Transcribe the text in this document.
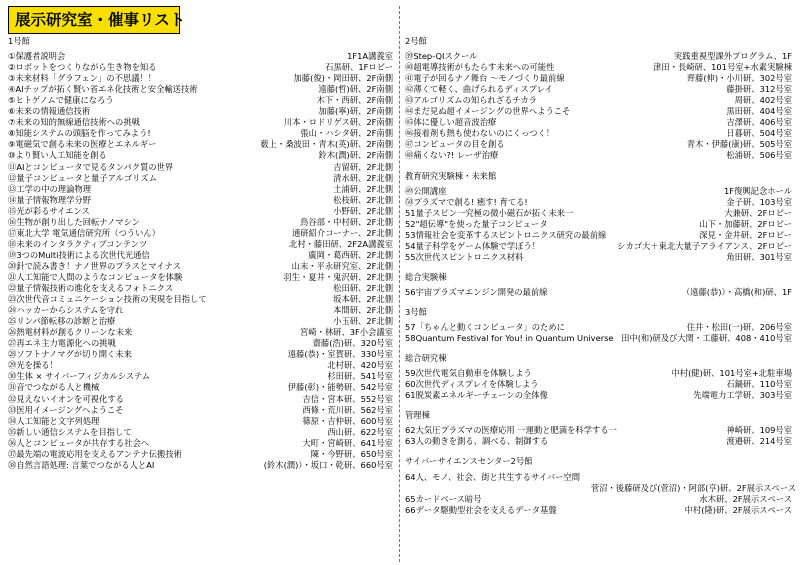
展示研究室・催事リスト
1号館
① 保護者説明会	1F1A講義室
② ロボットをつくりながら生き物を知る	石黒研、1Fロビー
③ 未来材料「グラフェン」の不思議！！	加藤(俊)・岡田研、2F南側
④ AIチップが拓く賢い省エネ化技術と安全輸送技術	遠藤(哲)研、2F南側
⑤ ヒトゲノムで健康になろう	木下・西研、2F南側
⑥ 未来の情報通信技術	加藤(寧)研、2F南側
⑦ 未来の知的無線通信技術への挑戦	川本・ロドリゲス研、2F南側
⑧ 知能システムの頭脳を作ってみよう!	張山・ハシタ研、2F南側
⑨ 電磁気で創る未来の医療とエネルギー	薮上・桑波田・青木(英)研、2F南側
⑩ より賢い人工知能を創る	鈴木(潤)研、2F南側
⑪ AIとコンピュータで見るタンパク質の世界	吉留研、2F北側
⑫ 量子コンピュータと量子アルゴリズム	清水研、2F北側
⑬ 工学の中の理論物理	土浦研、2F北側
⑭ 量子情報物理学分野	松枝研、2F北側
⑮ 光が彩るサイエンス	小野研、2F北側
⑯ 生物が創り出した回転ナノマシン	鳥谷部・中村研、2F北側
⑰ 東北大学 電気通信研究所（つういん）	通研紹介コーナー、2F北側
⑱ 未来のインタラクティブコンテンツ	北村・藤田研、2F2A講義室
⑲ 3つのMulti技術による次世代光通信	廣岡・葛西研、2F北側
⑳ 針で読み書き！ナノ世界のプラスとマイナス	山末・平永研究室、2F北側
㉑ 人工知能で人間のようなコンピュータを体験	羽生・夏井・鬼沢研、2F北側
㉒ 量子情報技術の進化を支えるフォトニクス	松田研、2F北側
㉓ 次世代音コミュニケーション技術の実現を目指して	坂本研、2F北側
㉔ ハッカーからシステムを守れ	本間研、2F北側
㉕ リンパ節転移の診断と治療	小玉研、2F北側
㉖ 熱電材料が創るクリーンな未来	宮崎・林研、3F小会議室
㉗ 再エネ主力電源化への挑戦	齋藤(浩)研、320号室
㉘ ソフトナノマグが切り開く未来	遠藤(恭)・室賀研、330号室
㉙ 光を操る！	北村研、420号室
㉚ 生体 × サイバーフィジカルシステム	杉田研、541号室
㉛ 音でつながる人と機械	伊藤(彰)・能勢研、542号室
㉜ 見えないイオンを可視化する	吉信・宮本研、552号室
㉝ 医用イメージングへようこそ	西條・荒川研、562号室
㉞ 人工知能と文字列処理	篠原・吉仲研、600号室
㉟ 新しい通信システムを目指して	西山研、622号室
㊱ 人とコンピュータが共存する社会へ	大町・宮崎研、641号室
㊲ 最先端の電波応用を支えるアンテナ伝搬技術	陳・今野研、650号室
㊳ 自然言語処理: 言葉でつながる人とAI	(鈴木(潤)）・坂口・乾研、660号室
2号館
㊴ Step-QIスクール	実践重視型課外プログラム、1F
㊵ 超電導技術がもたらす未来への可能性	津田・長崎研、101号室+水素実験棟
㊶ 電子が回るナノ舞台 ～モノづくり最前線	齊藤(伸)・小川研、302号室
㊷ 薄くて軽く、曲げられるディスプレイ	藤掛研、312号室
㊸ アルゴリズムの知られざるチカラ	周研、402号室
㊹ まだ見ぬ超イメージングの世界へようこそ	黒田研、404号室
㊺ 体に優しい超音波治療	吉澤研、406号室
㊻ 接着剤も熱も使わないのにくっつく！	日暮研、504号室
㊼ コンピュータの目を創る	青木・伊藤(康)研、505号室
㊽ 痛くない?! レーザ治療	松浦研、506号室
教育研究実験棟・未来館
㊾ 公開講座	1F復興記念ホール
㊿ プラズマで創る! 癒す! 育てる!	金子研、103号室
51 量子スピン一究極の微小磁石が拓く未来一	大兼研、2Fロビー
52 "超伝導"を使った量子コンピュータ	山下・加藤研、2Fロビー
53 情報社会を変革するスピントロニクス研究の最前線	深見・金井研、2Fロビー
54 量子科学をゲーム体験で学ぼう！	シカゴ大＋東北大量子アライアンス、2Fロビー
55 次世代スピントロニクス材料	角田研、301号室
総合実験棟
56 宇宙プラズマエンジン開発の最前線	（遠藤(恭)）・高橋(和)研、1F
3号館
57 「ちゃんと動くコンピュータ」のために	住井・松田(一)研、206号室
58 Quantum Festival for You! in Quantum Universe 田中(和)研及び大関・工藤研、408・410号室
総合研究棟
59 次世代電気自動車を体験しよう	中村(健)研、101号室+北駐車場
60 次世代ディスプレイを体験しよう	石鍋研、110号室
61 脱炭素エネルギーチェーンの全体像	先端電力工学研、303号室
管理棟
62 大気圧プラズマの医療応用 一運動と肥満を科学する一	神崎研、109号室
63 人の動きを測る、調べる、制御する	渡邉研、214号室
サイバーサイエンスセンター2号館
64 人、モノ、社会、街と共生するサイバー空間
菅沼・後藤研及び(菅沼)・阿部(亨)研、2F展示スペース
65 カードベース暗号	水木研、2F展示スペース
66 データ駆動型社会を支えるデータ基盤	中村(隆)研、2F展示スペース
